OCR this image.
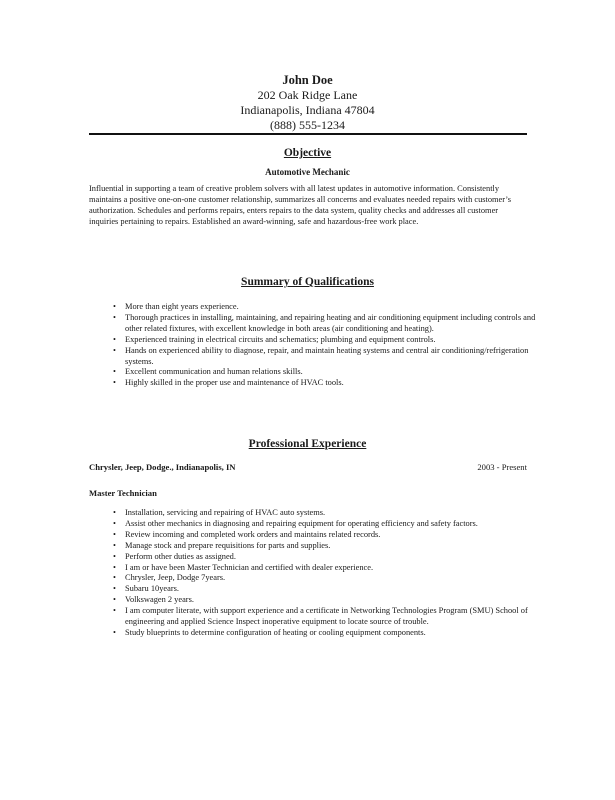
John Doe
202 Oak Ridge Lane
Indianapolis, Indiana 47804
(888) 555-1234
Objective
Automotive Mechanic
Influential in supporting a team of creative problem solvers with all latest updates in automotive information. Consistently maintains a positive one-on-one customer relationship, summarizes all concerns and evaluates needed repairs with customer’s authorization. Schedules and performs repairs, enters repairs to the data system, quality checks and addresses all customer inquiries pertaining to repairs. Established an award-winning, safe and hazardous-free work place.
Summary of Qualifications
• More than eight years experience.
• Thorough practices in installing, maintaining, and repairing heating and air conditioning equipment including controls and other related fixtures, with excellent knowledge in both areas (air conditioning and heating).
• Experienced training in electrical circuits and schematics; plumbing and equipment controls.
• Hands on experienced ability to diagnose, repair, and maintain heating systems and central air conditioning/refrigeration systems.
• Excellent communication and human relations skills.
• Highly skilled in the proper use and maintenance of HVAC tools.
Professional Experience
Chrysler, Jeep, Dodge., Indianapolis, IN	2003 - Present
Master Technician
• Installation, servicing and repairing of HVAC auto systems.
• Assist other mechanics in diagnosing and repairing equipment for operating efficiency and safety factors.
• Review incoming and completed work orders and maintains related records.
• Manage stock and prepare requisitions for parts and supplies.
• Perform other duties as assigned.
• I am or have been Master Technician and certified with dealer experience.
• Chrysler, Jeep, Dodge 7years.
• Subaru 10years.
• Volkswagen 2 years.
• I am computer literate, with support experience and a certificate in Networking Technologies Program (SMU) School of engineering and applied Science Inspect inoperative equipment to locate source of trouble.
• Study blueprints to determine configuration of heating or cooling equipment components.
